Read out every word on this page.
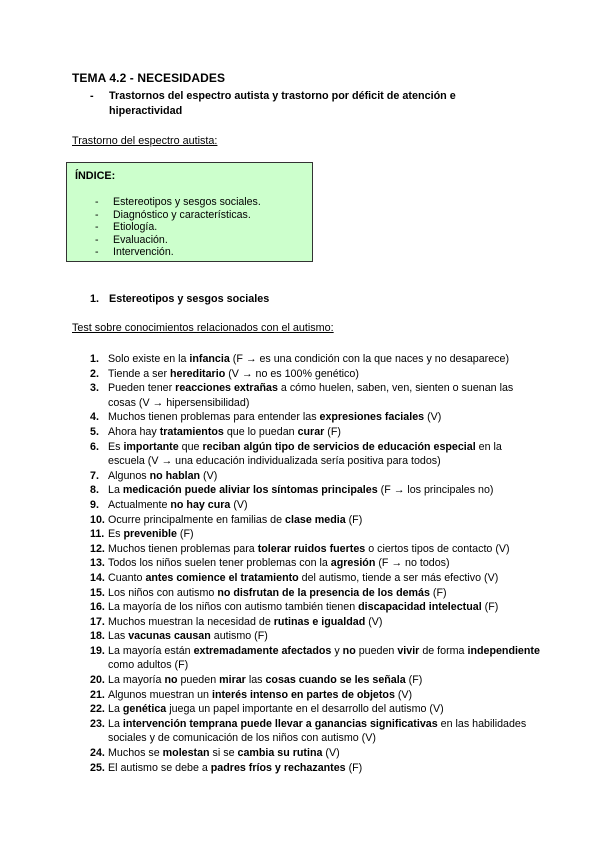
TEMA 4.2 - NECESIDADES
-	Trastornos del espectro autista y trastorno por déficit de atención e hiperactividad
Trastorno del espectro autista:
ÍNDICE:
- Estereotipos y sesgos sociales.
- Diagnóstico y características.
- Etiología.
- Evaluación.
- Intervención.
1. Estereotipos y sesgos sociales
Test sobre conocimientos relacionados con el autismo:
1. Solo existe en la infancia (F → es una condición con la que naces y no desaparece)
2. Tiende a ser hereditario (V → no es 100% genético)
3. Pueden tener reacciones extrañas a cómo huelen, saben, ven, sienten o suenan las cosas (V → hipersensibilidad)
4. Muchos tienen problemas para entender las expresiones faciales (V)
5. Ahora hay tratamientos que lo puedan curar (F)
6. Es importante que reciban algún tipo de servicios de educación especial en la escuela (V → una educación individualizada sería positiva para todos)
7. Algunos no hablan (V)
8. La medicación puede aliviar los síntomas principales (F → los principales no)
9. Actualmente no hay cura (V)
10. Ocurre principalmente en familias de clase media (F)
11. Es prevenible (F)
12. Muchos tienen problemas para tolerar ruidos fuertes o ciertos tipos de contacto (V)
13. Todos los niños suelen tener problemas con la agresión (F → no todos)
14. Cuanto antes comience el tratamiento del autismo, tiende a ser más efectivo (V)
15. Los niños con autismo no disfrutan de la presencia de los demás (F)
16. La mayoría de los niños con autismo también tienen discapacidad intelectual (F)
17. Muchos muestran la necesidad de rutinas e igualdad (V)
18. Las vacunas causan autismo (F)
19. La mayoría están extremadamente afectados y no pueden vivir de forma independiente como adultos (F)
20. La mayoría no pueden mirar las cosas cuando se les señala (F)
21. Algunos muestran un interés intenso en partes de objetos (V)
22. La genética juega un papel importante en el desarrollo del autismo (V)
23. La intervención temprana puede llevar a ganancias significativas en las habilidades sociales y de comunicación de los niños con autismo (V)
24. Muchos se molestan si se cambia su rutina (V)
25. El autismo se debe a padres fríos y rechazantes (F)
